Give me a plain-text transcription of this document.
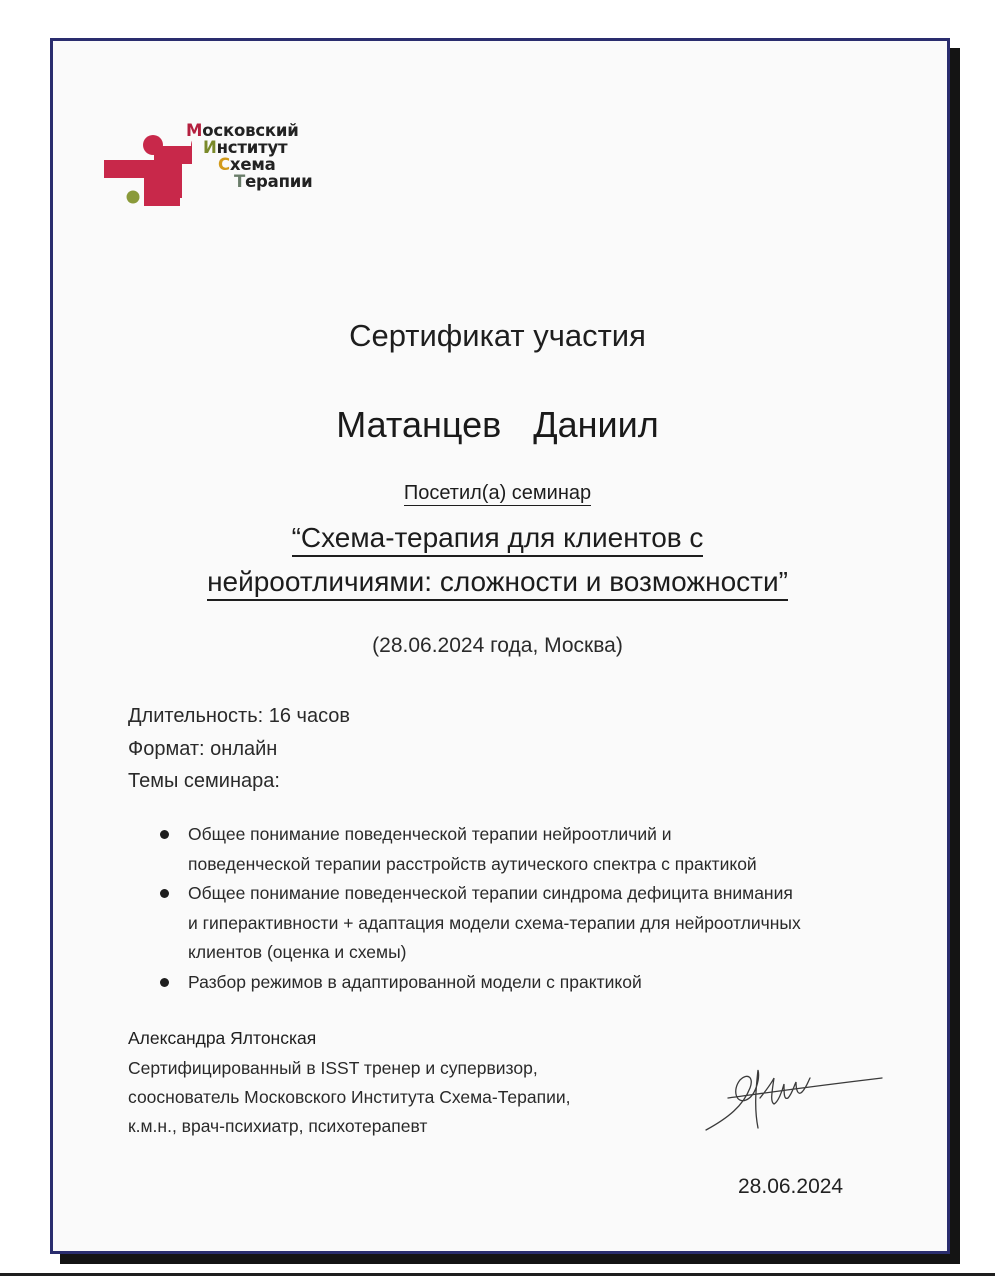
Московский
Институт
Схема
Терапии
Сертификат участия
Матанцев  Даниил
Посетил(а) семинар
“Схема-терапия для клиентов с
нейроотличиями: сложности и возможности”
(28.06.2024 года, Москва)
Длительность: 16 часов
Формат: онлайн
Темы семинара:
Общее понимание поведенческой терапии нейроотличий и
поведенческой терапии расстройств аутического спектра с практикой
Общее понимание поведенческой терапии синдрома дефицита внимания
и гиперактивности + адаптация модели схема-терапии для нейроотличных
клиентов (оценка и схемы)
Разбор режимов в адаптированной модели с практикой
Александра Ялтонская
Сертифицированный в ISST тренер и супервизор,
сооснователь Московского Института Схема-Терапии,
к.м.н., врач-психиатр, психотерапевт
28.06.2024
